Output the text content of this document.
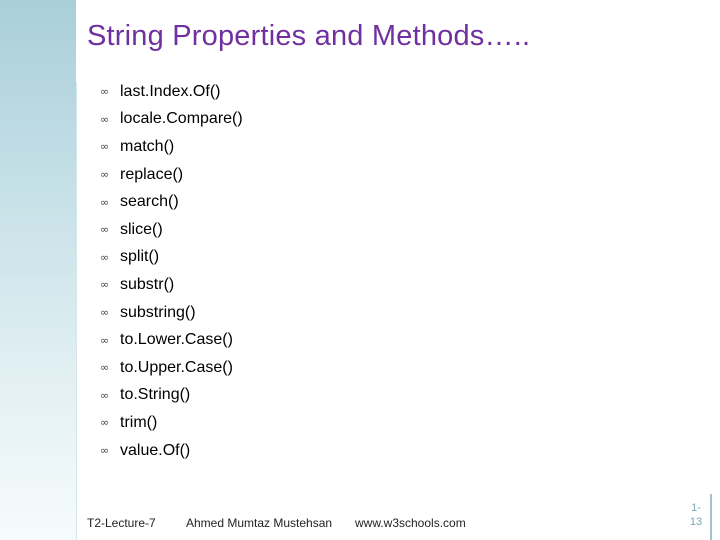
String Properties and Methods…..
∞ last.Index.Of()
∞ locale.Compare()
∞ match()
∞ replace()
∞ search()
∞ slice()
∞ split()
∞ substr()
∞ substring()
∞ to.Lower.Case()
∞ to.Upper.Case()
∞ to.String()
∞ trim()
∞ value.Of()
T2-Lecture-7	Ahmed Mumtaz Mustehsan www.w3schools.com
1-
13
